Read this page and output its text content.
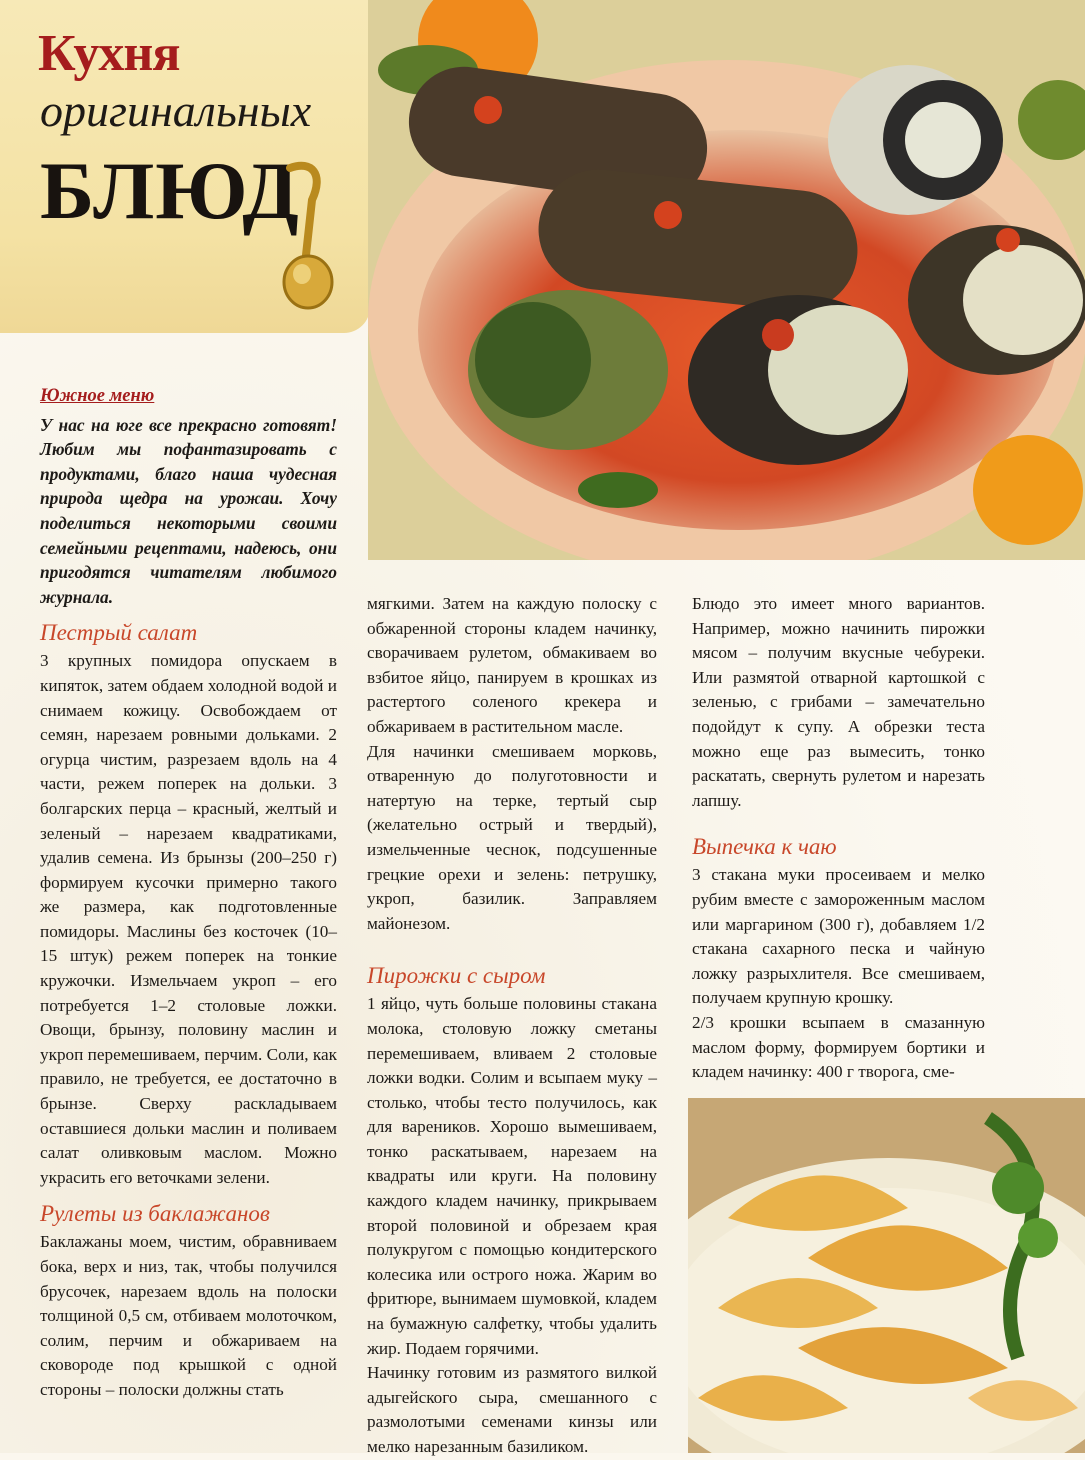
Кухня
оригинальных
БЛЮД
Южное меню

У нас на юге все прекрасно готовят! Любим мы пофантазировать с продуктами, благо наша чудесная природа щедра на урожаи. Хочу поделиться некоторыми своими семейными рецептами, надеюсь, они пригодятся читателям любимого журнала.

Пестрый салат

3 крупных помидора опускаем в кипяток, затем обдаем холодной водой и снимаем кожицу. Освобождаем от семян, нарезаем ровными дольками. 2 огурца чистим, разрезаем вдоль на 4 части, режем поперек на дольки. 3 болгарских перца – красный, желтый и зеленый – нарезаем квадратиками, удалив семена. Из брынзы (200–250 г) формируем кусочки примерно такого же размера, как подготовленные помидоры. Маслины без косточек (10–15 штук) режем поперек на тонкие кружочки. Измельчаем укроп – его потребуется 1–2 столовые ложки. Овощи, брынзу, половину маслин и укроп перемешиваем, перчим. Соли, как правило, не требуется, ее достаточно в брынзе. Сверху раскладываем оставшиеся дольки маслин и поливаем салат оливковым маслом. Можно украсить его веточками зелени.

Рулеты из баклажанов

Баклажаны моем, чистим, обравниваем бока, верх и низ, так, чтобы получился брусочек, нарезаем вдоль на полоски толщиной 0,5 см, отбиваем молоточком, солим, перчим и обжариваем на сковороде под крышкой с одной стороны – полоски должны стать

мягкими. Затем на каждую полоску с обжаренной стороны кладем начинку, сворачиваем рулетом, обмакиваем во взбитое яйцо, панируем в крошках из растертого соленого крекера и обжариваем в растительном масле.

Для начинки смешиваем морковь, отваренную до полуготовности и натертую на терке, тертый сыр (желательно острый и твердый), измельченные чеснок, подсушенные грецкие орехи и зелень: петрушку, укроп, базилик. Заправляем майонезом.

Пирожки с сыром

1 яйцо, чуть больше половины стакана молока, столовую ложку сметаны перемешиваем, вливаем 2 столовые ложки водки. Солим и всыпаем муку – столько, чтобы тесто получилось, как для вареников. Хорошо вымешиваем, тонко раскатываем, нарезаем на квадраты или круги. На половину каждого кладем начинку, прикрываем второй половиной и обрезаем края полукругом с помощью кондитерского колесика или острого ножа. Жарим во фритюре, вынимаем шумовкой, кладем на бумажную салфетку, чтобы удалить жир. Подаем горячими.

Начинку готовим из размятого вилкой адыгейского сыра, смешанного с размолотыми семенами кинзы или мелко нарезанным базиликом.

Блюдо это имеет много вариантов. Например, можно начинить пирожки мясом – получим вкусные чебуреки. Или размятой отварной картошкой с зеленью, с грибами – замечательно подойдут к супу. А обрезки теста можно еще раз вымесить, тонко раскатать, свернуть рулетом и нарезать лапшу.

Выпечка к чаю

3 стакана муки просеиваем и мелко рубим вместе с замороженным маслом или маргарином (300 г), добавляем 1/2 стакана сахарного песка и чайную ложку разрыхлителя. Все смешиваем, получаем крупную крошку.

2/3 крошки всыпаем в смазанную маслом форму, формируем бортики и кладем начинку: 400 г творога, сме-
